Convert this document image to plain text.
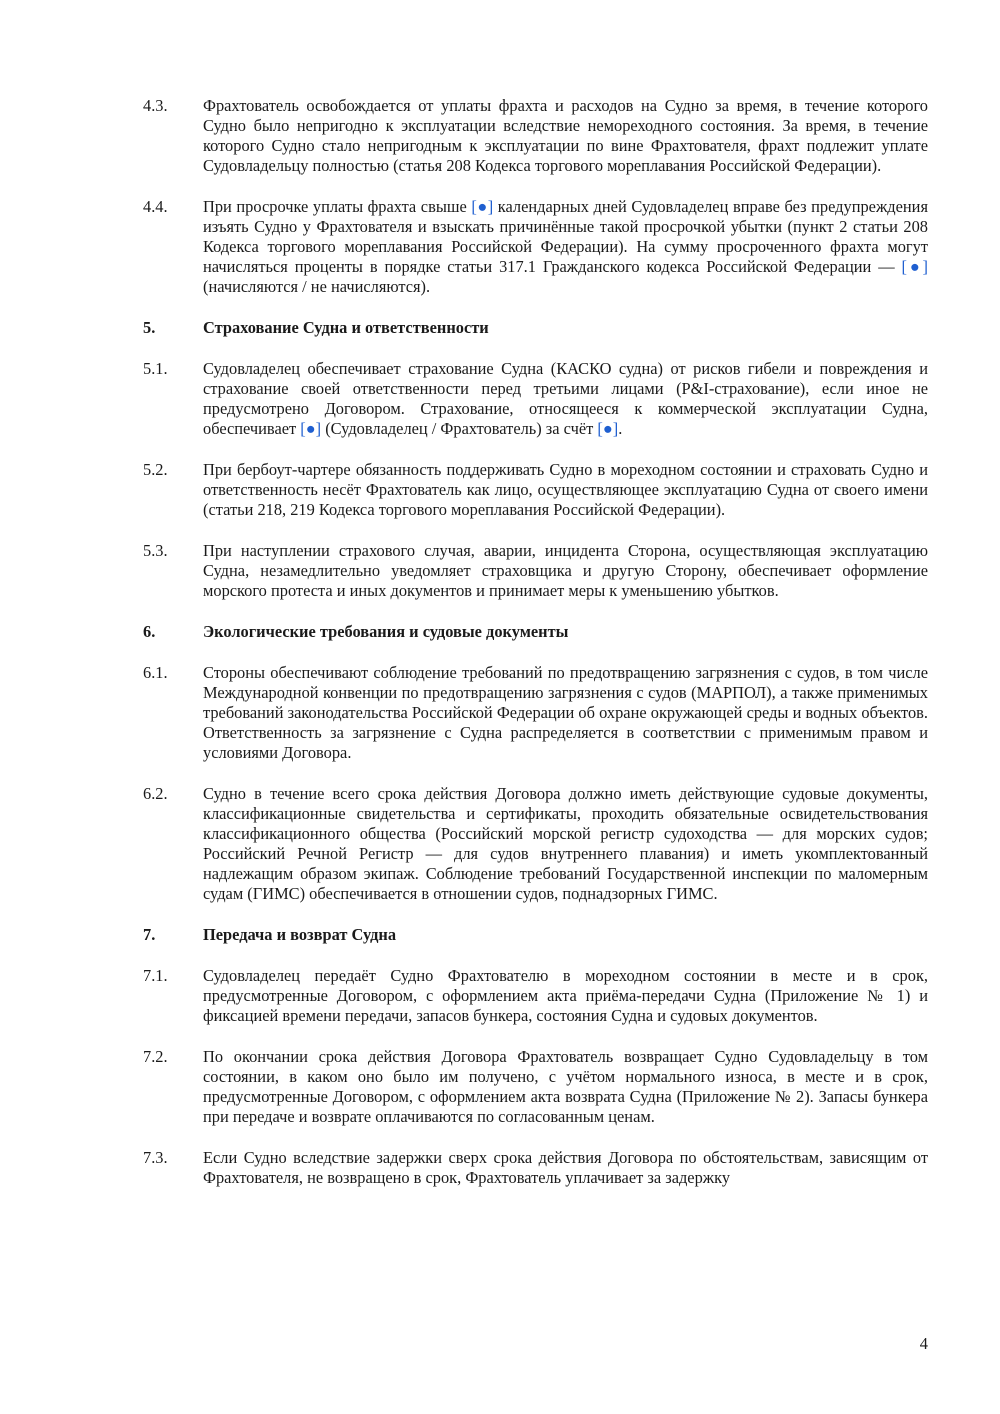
4.3. Фрахтователь освобождается от уплаты фрахта и расходов на Судно за время, в течение которого Судно было непригодно к эксплуатации вследствие немореходного состояния. За время, в течение которого Судно стало непригодным к эксплуатации по вине Фрахтователя, фрахт подлежит уплате Судовладельцу полностью (статья 208 Кодекса торгового мореплавания Российской Федерации).
4.4. При просрочке уплаты фрахта свыше [●] календарных дней Судовладелец вправе без предупреждения изъять Судно у Фрахтователя и взыскать причинённые такой просрочкой убытки (пункт 2 статьи 208 Кодекса торгового мореплавания Российской Федерации). На сумму просроченного фрахта могут начисляться проценты в порядке статьи 317.1 Гражданского кодекса Российской Федерации — [●] (начисляются / не начисляются).
5.	Страхование Судна и ответственности
5.1. Судовладелец обеспечивает страхование Судна (КАСКО судна) от рисков гибели и повреждения и страхование своей ответственности перед третьими лицами (P&I-страхование), если иное не предусмотрено Договором. Страхование, относящееся к коммерческой эксплуатации Судна, обеспечивает [●] (Судовладелец / Фрахтователь) за счёт [●].
5.2. При бербоут-чартере обязанность поддерживать Судно в мореходном состоянии и страховать Судно и ответственность несёт Фрахтователь как лицо, осуществляющее эксплуатацию Судна от своего имени (статьи 218, 219 Кодекса торгового мореплавания Российской Федерации).
5.3. При наступлении страхового случая, аварии, инцидента Сторона, осуществляющая эксплуатацию Судна, незамедлительно уведомляет страховщика и другую Сторону, обеспечивает оформление морского протеста и иных документов и принимает меры к уменьшению убытков.
6.	Экологические требования и судовые документы
6.1. Стороны обеспечивают соблюдение требований по предотвращению загрязнения с судов, в том числе Международной конвенции по предотвращению загрязнения с судов (МАРПОЛ), а также применимых требований законодательства Российской Федерации об охране окружающей среды и водных объектов. Ответственность за загрязнение с Судна распределяется в соответствии с применимым правом и условиями Договора.
6.2. Судно в течение всего срока действия Договора должно иметь действующие судовые документы, классификационные свидетельства и сертификаты, проходить обязательные освидетельствования классификационного общества (Российский морской регистр судоходства — для морских судов; Российский Речной Регистр — для судов внутреннего плавания) и иметь укомплектованный надлежащим образом экипаж. Соблюдение требований Государственной инспекции по маломерным судам (ГИМС) обеспечивается в отношении судов, поднадзорных ГИМС.
7.	Передача и возврат Судна
7.1. Судовладелец передаёт Судно Фрахтователю в мореходном состоянии в месте и в срок, предусмотренные Договором, с оформлением акта приёма-передачи Судна (Приложение № 1) и фиксацией времени передачи, запасов бункера, состояния Судна и судовых документов.
7.2. По окончании срока действия Договора Фрахтователь возвращает Судно Судовладельцу в том состоянии, в каком оно было им получено, с учётом нормального износа, в месте и в срок, предусмотренные Договором, с оформлением акта возврата Судна (Приложение № 2). Запасы бункера при передаче и возврате оплачиваются по согласованным ценам.
7.3. Если Судно вследствие задержки сверх срока действия Договора по обстоятельствам, зависящим от Фрахтователя, не возвращено в срок, Фрахтователь уплачивает за задержку
4
